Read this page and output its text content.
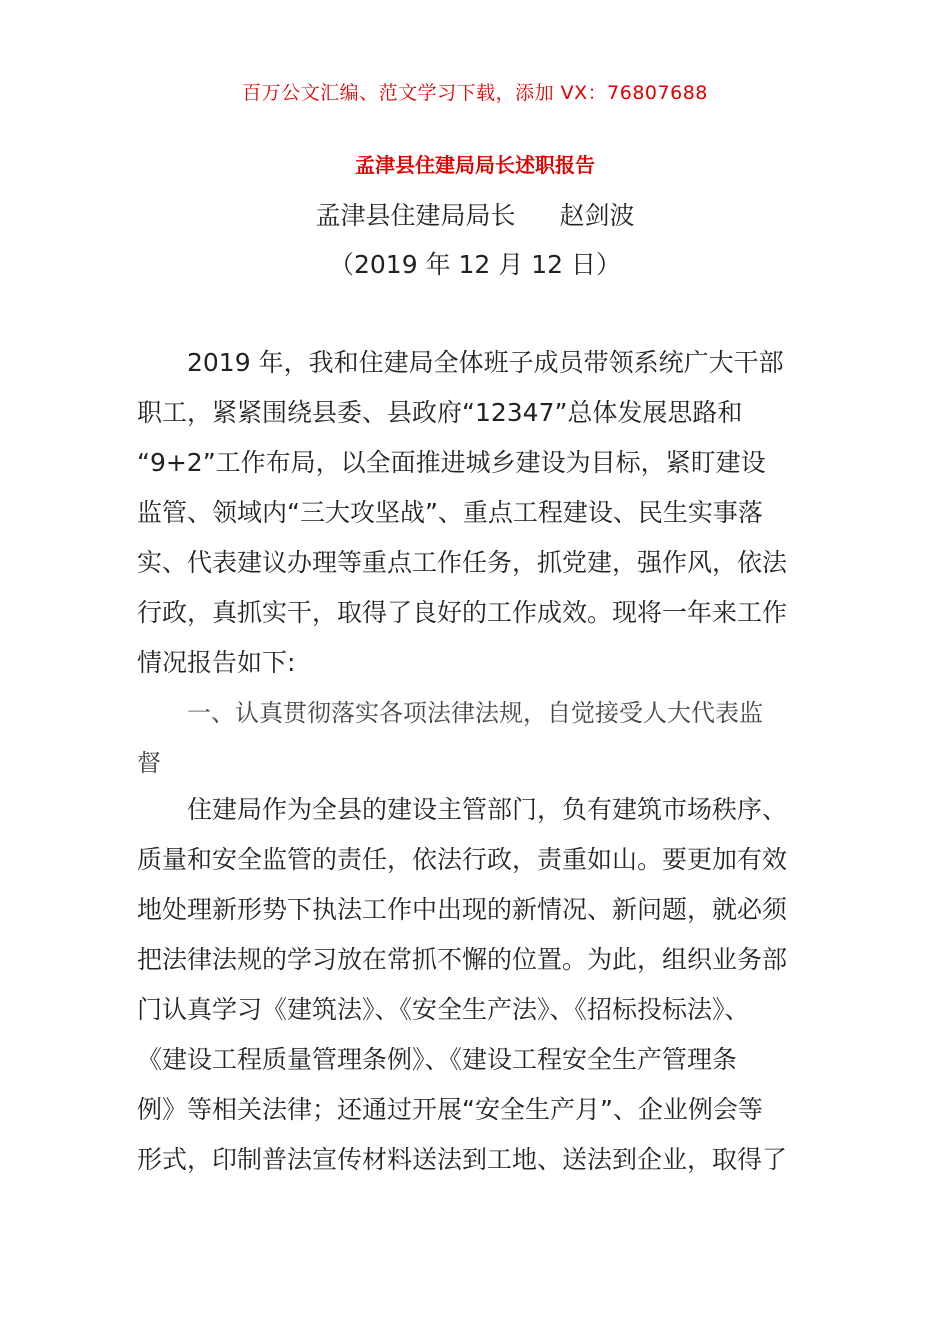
百万公文汇编、范文学习下载，添加 VX：76807688
孟津县住建局局长述职报告
孟津县住建局局长 赵剑波
（2019 年 12 月 12 日）
2019 年，我和住建局全体班子成员带领系统广大干部
职工，紧紧围绕县委、县政府“12347”总体发展思路和
“9+2”工作布局，以全面推进城乡建设为目标，紧盯建设
监管、领域内“三大攻坚战”、重点工程建设、民生实事落
实、代表建议办理等重点工作任务，抓党建，强作风，依法
行政，真抓实干，取得了良好的工作成效。现将一年来工作
情况报告如下:
一、认真贯彻落实各项法律法规，自觉接受人大代表监
督
住建局作为全县的建设主管部门，负有建筑市场秩序、
质量和安全监管的责任，依法行政，责重如山。要更加有效
地处理新形势下执法工作中出现的新情况、新问题，就必须
把法律法规的学习放在常抓不懈的位置。为此，组织业务部
门认真学习《建筑法》、《安全生产法》、《招标投标法》、
《建设工程质量管理条例》、《建设工程安全生产管理条
例》等相关法律；还通过开展“安全生产月”、企业例会等
形式，印制普法宣传材料送法到工地、送法到企业，取得了
